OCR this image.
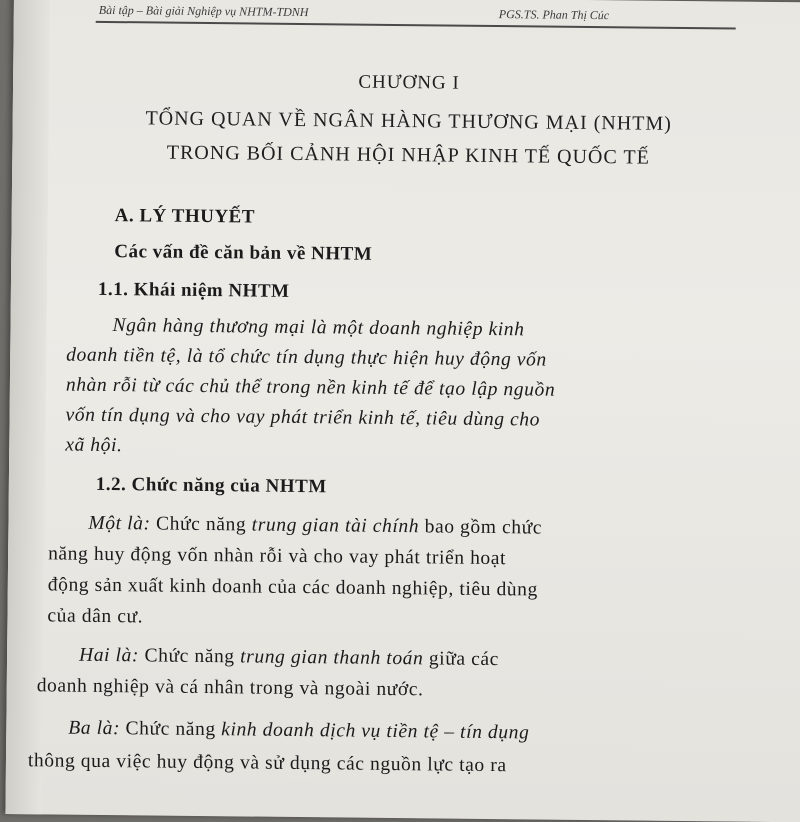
Bài tập – Bài giải Nghiệp vụ NHTM-TDNH	PGS.TS. Phan Thị Cúc
CHƯƠNG I
TỔNG QUAN VỀ NGÂN HÀNG THƯƠNG MẠI (NHTM)
TRONG BỐI CẢNH HỘI NHẬP KINH TẾ QUỐC TẾ
A. LÝ THUYẾT
Các vấn đề căn bản về NHTM
1.1. Khái niệm NHTM
Ngân hàng thương mại là một doanh nghiệp kinh
doanh tiền tệ, là tổ chức tín dụng thực hiện huy động vốn
nhàn rỗi từ các chủ thể trong nền kinh tế để tạo lập nguồn
vốn tín dụng và cho vay phát triển kinh tế, tiêu dùng cho
xã hội.
1.2. Chức năng của NHTM
Một là: Chức năng trung gian tài chính bao gồm chức
năng huy động vốn nhàn rỗi và cho vay phát triển hoạt
động sản xuất kinh doanh của các doanh nghiệp, tiêu dùng
của dân cư.
Hai là: Chức năng trung gian thanh toán giữa các
doanh nghiệp và cá nhân trong và ngoài nước.
Ba là: Chức năng kinh doanh dịch vụ tiền tệ – tín dụng
thông qua việc huy động và sử dụng các nguồn lực tạo ra
